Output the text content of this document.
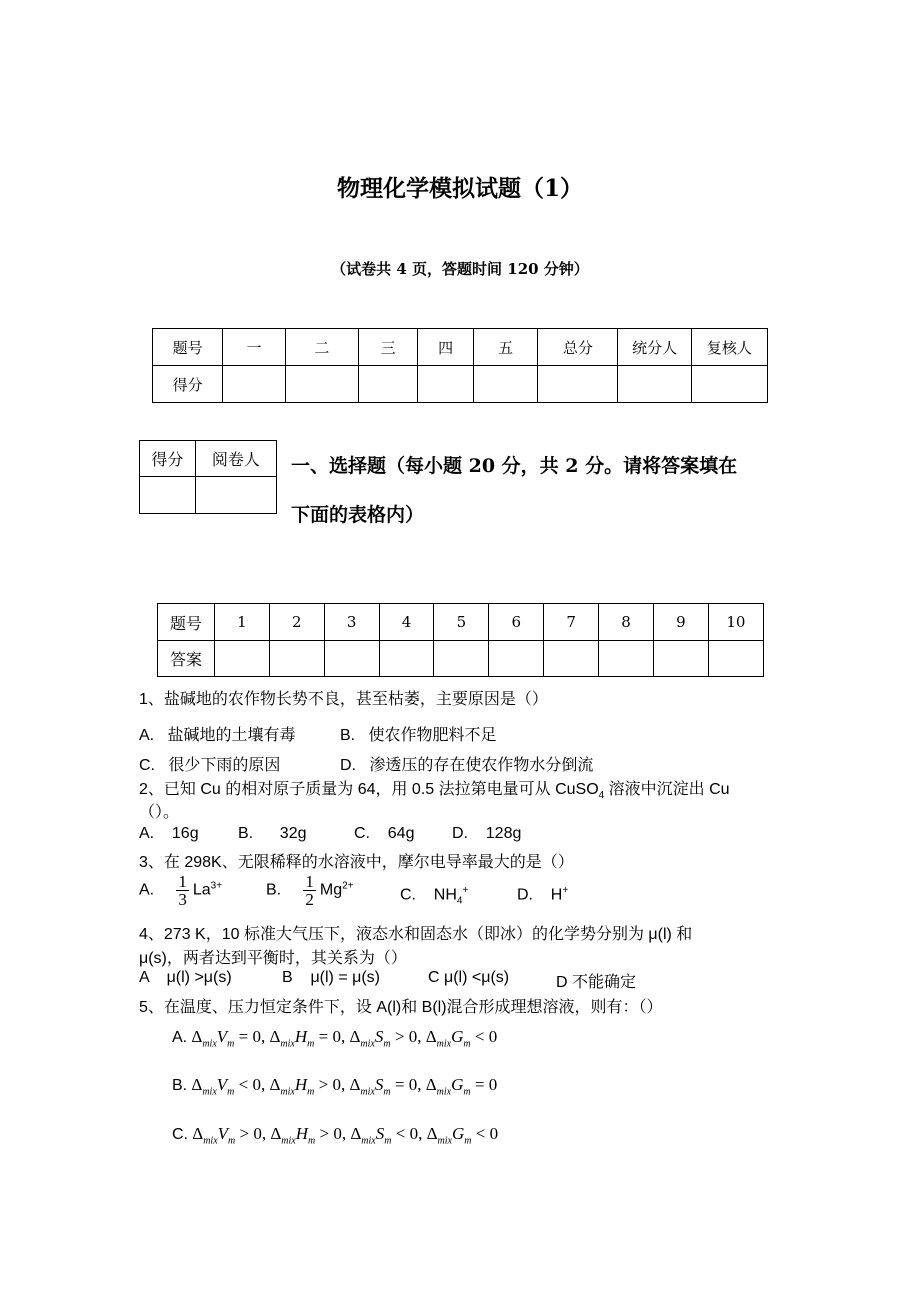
物理化学模拟试题（1）
（试卷共 4 页，答题时间 120 分钟）
题号	一	二	三	四	五	总分	统分人	复核人
得分								
得分	阅卷人
	一、选择题（每小题 20 分，共 2 分。请将答案填在
下面的表格内）
题号	1	2	3	4	5	6	7	8	9	10
答案										
1、盐碱地的农作物长势不良，甚至枯萎，主要原因是（）
A.   盐碱地的土壤有毒	B.   使农作物肥料不足
C.   很少下雨的原因	D.   渗透压的存在使农作物水分倒流
2、已知 Cu 的相对原子质量为 64，用 0.5 法拉第电量可从 CuSO$_4$ 溶液中沉淀出 Cu
（）。
A.    16g B.      32g	C.    64g D.    128g
3、在 298K、无限稀释的水溶液中，摩尔电导率最大的是（）
A. $\frac{1}{3} La^{3+}$	B. $\frac{1}{2} Mg^{2+}$
C. $NH_4^+$	D. H+
4、273 K，10 标准大气压下，液态水和固态水（即冰）的化学势分别为 μ(l) 和
μ(s)，两者达到平衡时，其关系为（）
A    μ(l) >μ(s)	B    μ(l) = μ(s)	C μ(l) <μ(s)	D 不能确定
5、在温度、压力恒定条件下，设 A(l)和 B(l)混合形成理想溶液，则有：（）
A. $\Delta_{mix}V_m = 0$, $\Delta_{mix}H_m = 0$, $\Delta_{mix}S_m > 0$, $\Delta_{mix}G_m < 0$
B. $\Delta_{mix}V_m < 0$, $\Delta_{mix}H_m > 0$, $\Delta_{mix}S_m = 0$, $\Delta_{mix}G_m = 0$
C. $\Delta_{mix}V_m > 0$, $\Delta_{mix}H_m > 0$, $\Delta_{mix}S_m < 0$, $\Delta_{mix}G_m < 0$
